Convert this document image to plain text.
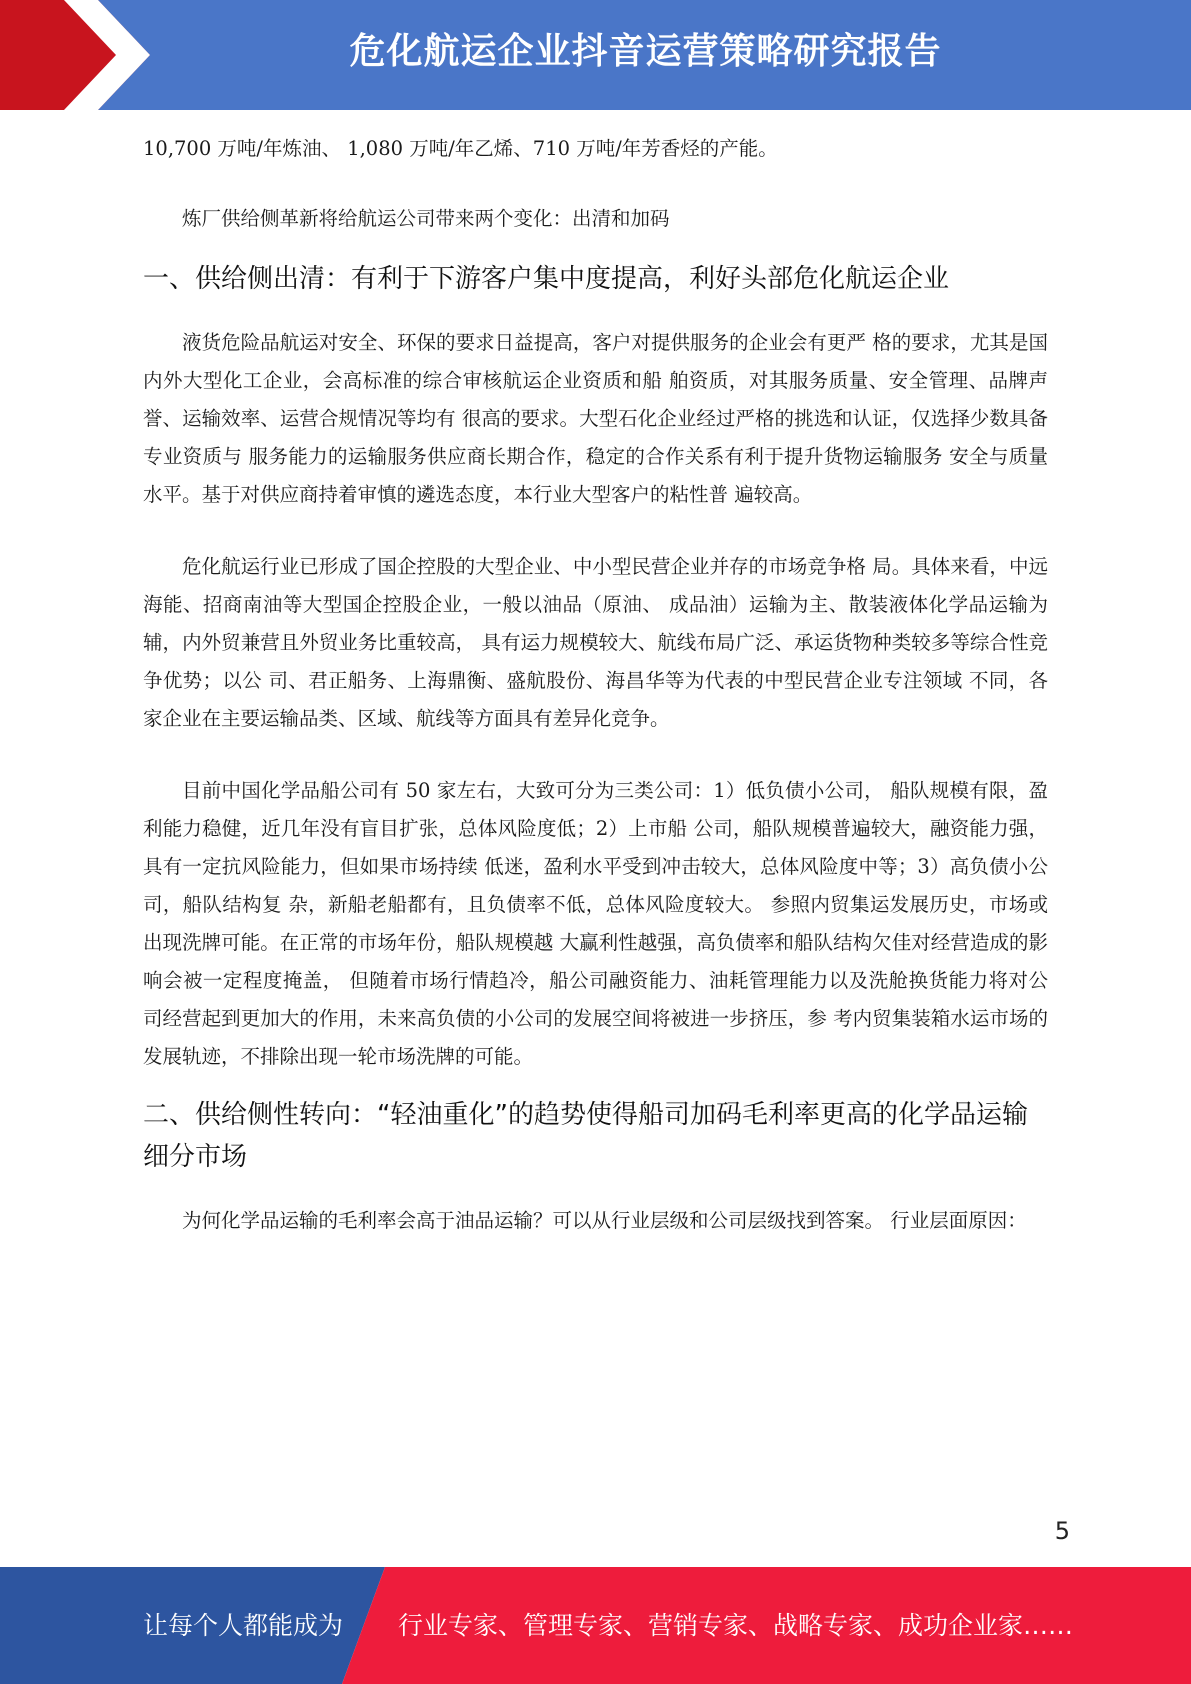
危化航运企业抖音运营策略研究报告

10,700 万吨/年炼油、 1,080 万吨/年乙烯、710 万吨/年芳香烃的产能。

炼厂供给侧革新将给航运公司带来两个变化：出清和加码

一、供给侧出清：有利于下游客户集中度提高，利好头部危化航运企业

液货危险品航运对安全、环保的要求日益提高，客户对提供服务的企业会有更严 格的要求，尤其是国内外大型化工企业，会高标准的综合审核航运企业资质和船 舶资质，对其服务质量、安全管理、品牌声誉、运输效率、运营合规情况等均有 很高的要求。大型石化企业经过严格的挑选和认证，仅选择少数具备专业资质与 服务能力的运输服务供应商长期合作，稳定的合作关系有利于提升货物运输服务 安全与质量水平。基于对供应商持着审慎的遴选态度，本行业大型客户的粘性普 遍较高。

危化航运行业已形成了国企控股的大型企业、中小型民营企业并存的市场竞争格 局。具体来看，中远海能、招商南油等大型国企控股企业，一般以油品（原油、 成品油）运输为主、散装液体化学品运输为辅，内外贸兼营且外贸业务比重较高， 具有运力规模较大、航线布局广泛、承运货物种类较多等综合性竞争优势；以公 司、君正船务、上海鼎衡、盛航股份、海昌华等为代表的中型民营企业专注领域 不同，各家企业在主要运输品类、区域、航线等方面具有差异化竞争。

目前中国化学品船公司有 50 家左右，大致可分为三类公司：1）低负债小公司， 船队规模有限，盈利能力稳健，近几年没有盲目扩张，总体风险度低；2）上市船 公司，船队规模普遍较大，融资能力强，具有一定抗风险能力，但如果市场持续 低迷，盈利水平受到冲击较大，总体风险度中等；3）高负债小公司，船队结构复 杂，新船老船都有，且负债率不低，总体风险度较大。 参照内贸集运发展历史，市场或出现洗牌可能。在正常的市场年份，船队规模越 大赢利性越强，高负债率和船队结构欠佳对经营造成的影响会被一定程度掩盖， 但随着市场行情趋冷，船公司融资能力、油耗管理能力以及洗舱换货能力将对公 司经营起到更加大的作用，未来高负债的小公司的发展空间将被进一步挤压，参 考内贸集装箱水运市场的发展轨迹，不排除出现一轮市场洗牌的可能。

二、供给侧性转向：“轻油重化”的趋势使得船司加码毛利率更高的化学品运输 细分市场

为何化学品运输的毛利率会高于油品运输？可以从行业层级和公司层级找到答案。 行业层面原因：

5
让每个人都能成为 行业专家、管理专家、营销专家、战略专家、成功企业家……
